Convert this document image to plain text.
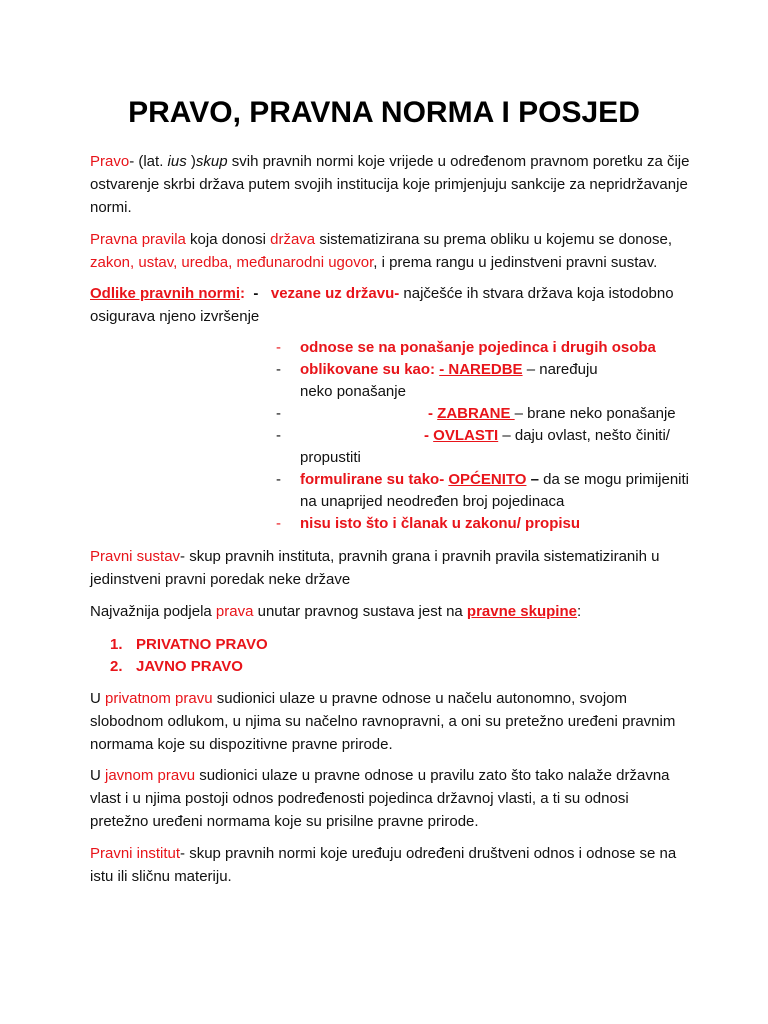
PRAVO, PRAVNA NORMA I POSJED

Pravo- (lat. ius )skup svih pravnih normi koje vrijede u određenom pravnom poretku za čije ostvarenje skrbi država putem svojih institucija koje primjenjuju sankcije za nepridržavanje normi.

Pravna pravila koja donosi država sistematizirana su prema obliku u kojemu se donose, zakon, ustav, uredba, međunarodni ugovor, i prema rangu u jedinstveni pravni sustav.

Odlike pravnih normi:  -   vezane uz državu- najčešće ih stvara država koja istodobno osigurava njeno izvršenje

- odnose se na ponašanje pojedinca i drugih osoba
- oblikovane su kao: - NAREDBE – naređuju
neko ponašanje
-	- ZABRANE – brane neko ponašanje
-	- OVLASTI – daju ovlast, nešto činiti/
propustiti
- formulirane su tako- OPĆENITO – da se mogu primijeniti
na unaprijed neodređen broj pojedinaca
- nisu isto što i članak u zakonu/ propisu

Pravni sustav- skup pravnih instituta, pravnih grana i pravnih pravila sistematiziranih u jedinstveni pravni poredak neke države

Najvažnija podjela prava unutar pravnog sustava jest na pravne skupine:

1. PRIVATNO PRAVO
2. JAVNO PRAVO

U privatnom pravu sudionici ulaze u pravne odnose u načelu autonomno, svojom slobodnom odlukom, u njima su načelno ravnopravni, a oni su pretežno uređeni pravnim normama koje su dispozitivne pravne prirode.

U javnom pravu sudionici ulaze u pravne odnose u pravilu zato što tako nalaže državna vlast i u njima postoji odnos podređenosti pojedinca državnoj vlasti, a ti su odnosi pretežno uređeni normama koje su prisilne pravne prirode.

Pravni institut- skup pravnih normi koje uređuju određeni društveni odnos i odnose se na istu ili sličnu materiju.
